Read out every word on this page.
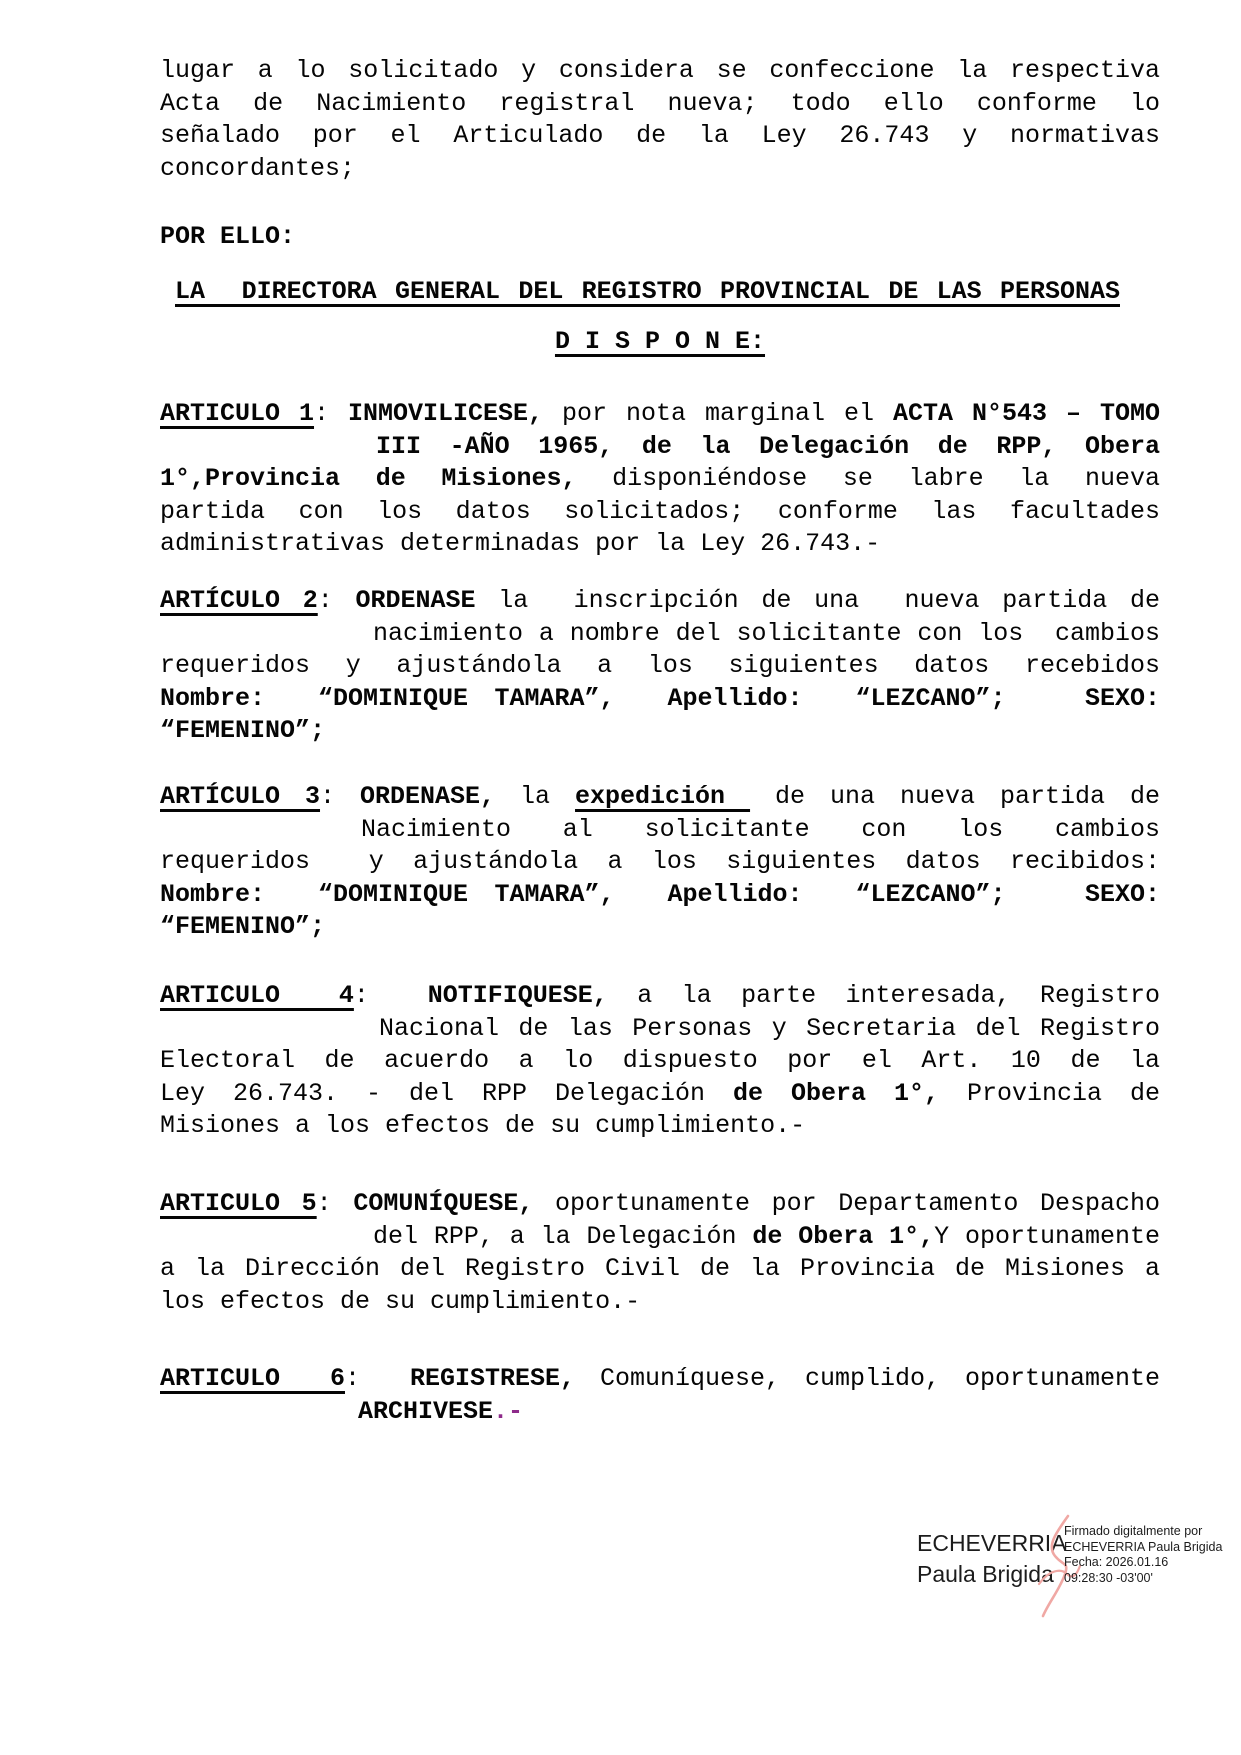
lugar a lo solicitado y considera se confeccione la respectiva
Acta de Nacimiento registral nueva; todo ello conforme lo
señalado por el Articulado de la Ley 26.743 y normativas
concordantes;
POR ELLO:
LA  DIRECTORA GENERAL DEL REGISTRO PROVINCIAL DE LAS PERSONAS
D I S P O N E:
ARTICULO 1: INMOVILICESE, por nota marginal el ACTA N°543 – TOMO
III -AÑO 1965, de la Delegación de RPP, Obera
1°,Provincia de Misiones, disponiéndose se labre la nueva
partida con los datos solicitados; conforme las facultades
administrativas determinadas por la Ley 26.743.-
ARTÍCULO 2: ORDENASE la  inscripción de una  nueva partida de
nacimiento a nombre del solicitante con los  cambios
requeridos y ajustándola a los siguientes datos recebidos
Nombre:  “DOMINIQUE TAMARA”,  Apellido:  “LEZCANO”;   SEXO:
“FEMENINO”;
ARTÍCULO 3: ORDENASE, la expedición  de una nueva partida de
Nacimiento al solicitante con los cambios
requeridos  y ajustándola a los siguientes datos recibidos:
Nombre:  “DOMINIQUE TAMARA”,  Apellido:  “LEZCANO”;   SEXO:
“FEMENINO”;
ARTICULO  4:  NOTIFIQUESE, a la parte interesada, Registro
Nacional de las Personas y Secretaria del Registro
Electoral de acuerdo a lo dispuesto por el Art. 10 de la
Ley 26.743. - del RPP Delegación de Obera 1°, Provincia de
Misiones a los efectos de su cumplimiento.-
ARTICULO 5: COMUNÍQUESE, oportunamente por Departamento Despacho
del RPP, a la Delegación de Obera 1°,Y oportunamente
a la Dirección del Registro Civil de la Provincia de Misiones a
los efectos de su cumplimiento.-
ARTICULO  6:  REGISTRESE, Comuníquese, cumplido, oportunamente
ARCHIVESE.-
ECHEVERRIA
Paula Brigida
Firmado digitalmente por
ECHEVERRIA Paula Brigida
Fecha: 2026.01.16
09:28:30 -03'00'
